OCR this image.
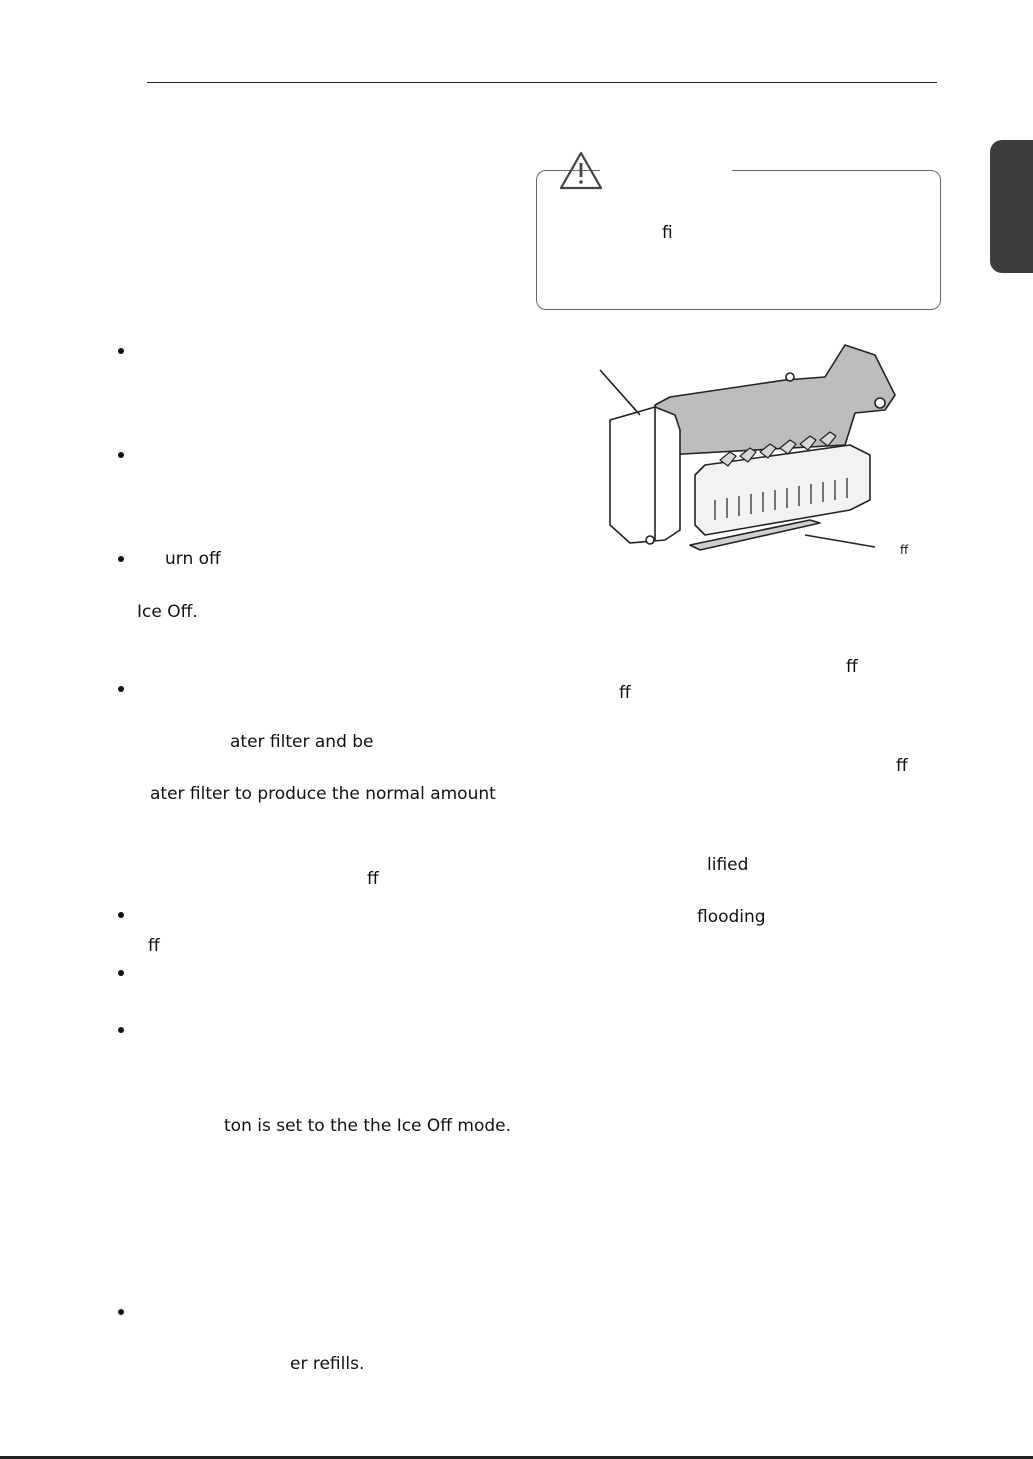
fi
ff
urn off
Ice Off.
ater filter and be
ater filter to produce the normal amount
ff
ff
ton is set to the the Ice Off mode.
er refills.
ff
ff
ff
lified
flooding
